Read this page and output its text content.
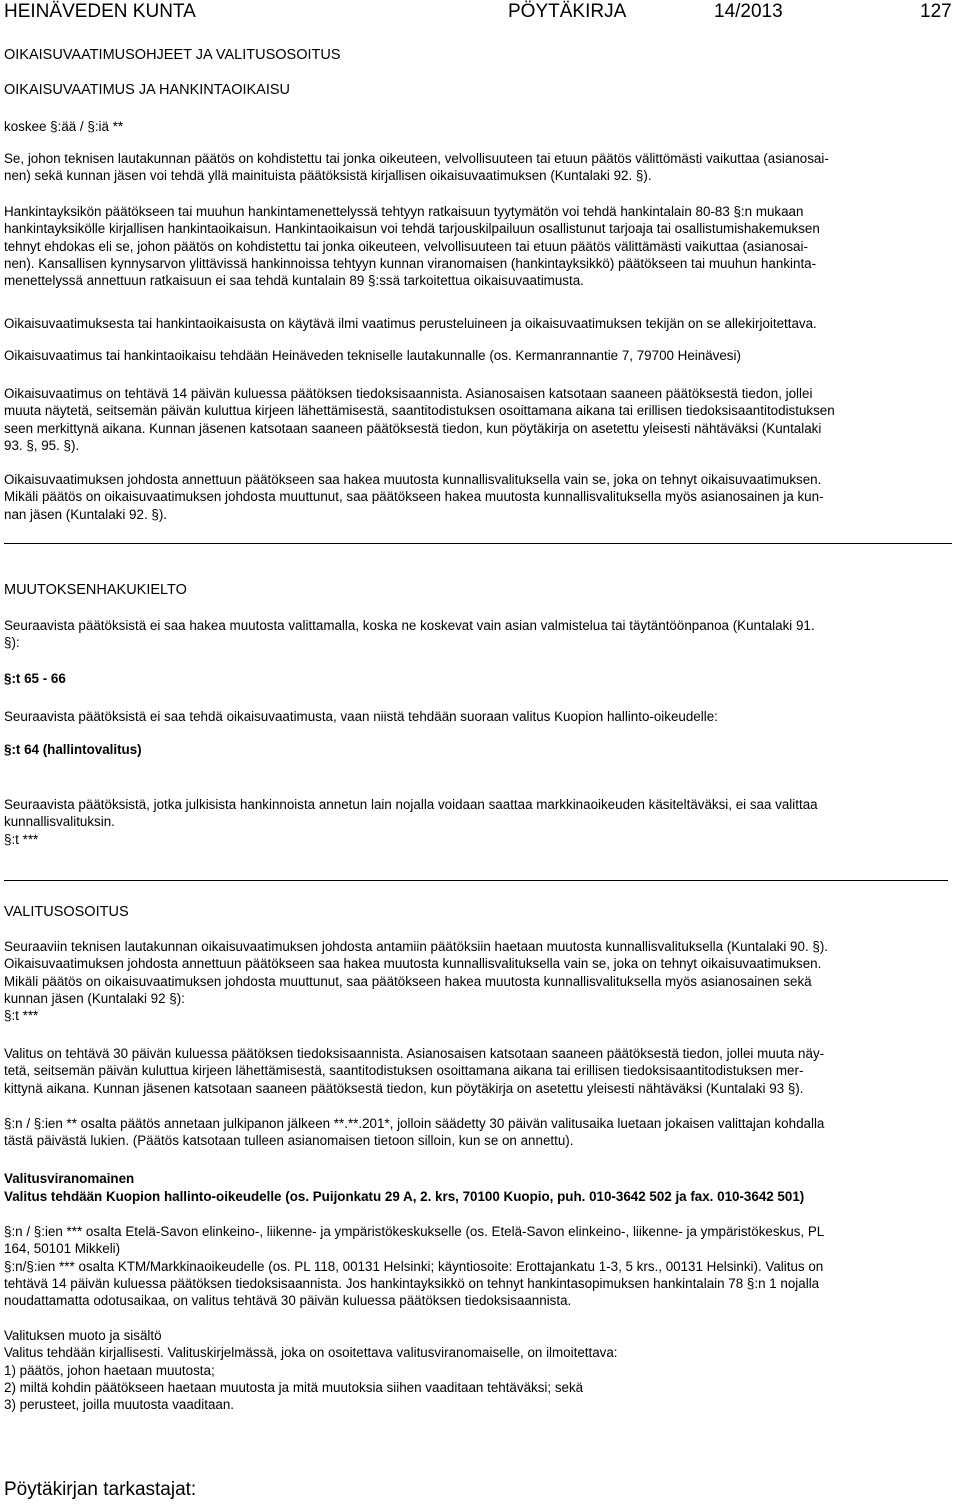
HEINÄVEDEN KUNTA	PÖYTÄKIRJA	14/2013	127
OIKAISUVAATIMUSOHJEET JA VALITUSOSOITUS
OIKAISUVAATIMUS JA HANKINTAOIKAISU
koskee §:ää / §:iä **
Se, johon teknisen lautakunnan päätös on kohdistettu tai jonka oikeuteen, velvollisuuteen tai etuun päätös välittömästi vaikuttaa (asianosai-
nen) sekä kunnan jäsen voi tehdä yllä mainituista päätöksistä kirjallisen oikaisuvaatimuksen (Kuntalaki 92. §).
Hankintayksikön päätökseen tai muuhun hankintamenettelyssä tehtyyn ratkaisuun tyytymätön voi tehdä hankintalain 80-83 §:n mukaan
hankintayksikölle kirjallisen hankintaoikaisun. Hankintaoikaisun voi tehdä tarjouskilpailuun osallistunut tarjoaja tai osallistumishakemuksen
tehnyt ehdokas eli se, johon päätös on kohdistettu tai jonka oikeuteen, velvollisuuteen tai etuun päätös välittämästi vaikuttaa (asianosai-
nen). Kansallisen kynnysarvon ylittävissä hankinnoissa tehtyyn kunnan viranomaisen (hankintayksikkö) päätökseen tai muuhun hankinta-
menettelyssä annettuun ratkaisuun ei saa tehdä kuntalain 89 §:ssä tarkoitettua oikaisuvaatimusta.
Oikaisuvaatimuksesta tai hankintaoikaisusta on käytävä ilmi vaatimus perusteluineen ja oikaisuvaatimuksen tekijän on se allekirjoitettava.
Oikaisuvaatimus tai hankintaoikaisu tehdään Heinäveden tekniselle lautakunnalle (os. Kermanrannantie 7, 79700 Heinävesi)
Oikaisuvaatimus on tehtävä 14 päivän kuluessa päätöksen tiedoksisaannista. Asianosaisen katsotaan saaneen päätöksestä tiedon, jollei
muuta näytetä, seitsemän päivän kuluttua kirjeen lähettämisestä, saantitodistuksen osoittamana aikana tai erillisen tiedoksisaantitodistuksen
seen merkittynä aikana. Kunnan jäsenen katsotaan saaneen päätöksestä tiedon, kun pöytäkirja on asetettu yleisesti nähtäväksi (Kuntalaki
93. §, 95. §).
Oikaisuvaatimuksen johdosta annettuun päätökseen saa hakea muutosta kunnallisvalituksella vain se, joka on tehnyt oikaisuvaatimuksen.
Mikäli päätös on oikaisuvaatimuksen johdosta muuttunut, saa päätökseen hakea muutosta kunnallisvalituksella myös asianosainen ja kun-
nan jäsen (Kuntalaki 92. §).
MUUTOKSENHAKUKIELTO
Seuraavista päätöksistä ei saa hakea muutosta valittamalla, koska ne koskevat vain asian valmistelua tai täytäntöönpanoa (Kuntalaki 91.
§):
§:t 65 - 66
Seuraavista päätöksistä ei saa tehdä oikaisuvaatimusta, vaan niistä tehdään suoraan valitus Kuopion hallinto-oikeudelle:
§:t 64 (hallintovalitus)
Seuraavista päätöksistä, jotka julkisista hankinnoista annetun lain nojalla voidaan saattaa markkinaoikeuden käsiteltäväksi, ei saa valittaa
kunnallisvalituksin.
§:t ***
VALITUSOSOITUS
Seuraaviin teknisen lautakunnan oikaisuvaatimuksen johdosta antamiin päätöksiin haetaan muutosta kunnallisvalituksella (Kuntalaki 90. §).
Oikaisuvaatimuksen johdosta annettuun päätökseen saa hakea muutosta kunnallisvalituksella vain se, joka on tehnyt oikaisuvaatimuksen.
Mikäli päätös on oikaisuvaatimuksen johdosta muuttunut, saa päätökseen hakea muutosta kunnallisvalituksella myös asianosainen sekä
kunnan jäsen (Kuntalaki 92 §):
§:t ***
Valitus on tehtävä 30 päivän kuluessa päätöksen tiedoksisaannista. Asianosaisen katsotaan saaneen päätöksestä tiedon, jollei muuta näy-
tetä, seitsemän päivän kuluttua kirjeen lähettämisestä, saantitodistuksen osoittamana aikana tai erillisen tiedoksisaantitodistuksen mer-
kittynä aikana. Kunnan jäsenen katsotaan saaneen päätöksestä tiedon, kun pöytäkirja on asetettu yleisesti nähtäväksi (Kuntalaki 93 §).
§:n / §:ien ** osalta päätös annetaan julkipanon jälkeen **.**.201*, jolloin säädetty 30 päivän valitusaika luetaan jokaisen valittajan kohdalla
tästä päivästä lukien. (Päätös katsotaan tulleen asianomaisen tietoon silloin, kun se on annettu).
Valitusviranomainen
Valitus tehdään Kuopion hallinto-oikeudelle (os. Puijonkatu 29 A, 2. krs, 70100 Kuopio, puh. 010-3642 502 ja fax. 010-3642 501)
§:n / §:ien *** osalta Etelä-Savon elinkeino-, liikenne- ja ympäristökeskukselle (os. Etelä-Savon elinkeino-, liikenne- ja ympäristökeskus, PL
164, 50101 Mikkeli)
§:n/§:ien *** osalta KTM/Markkinaoikeudelle (os. PL 118, 00131 Helsinki; käyntiosoite: Erottajankatu 1-3, 5 krs., 00131 Helsinki). Valitus on
tehtävä 14 päivän kuluessa päätöksen tiedoksisaannista. Jos hankintayksikkö on tehnyt hankintasopimuksen hankintalain 78 §:n 1 nojalla
noudattamatta odotusaikaa, on valitus tehtävä 30 päivän kuluessa päätöksen tiedoksisaannista.
Valituksen muoto ja sisältö
Valitus tehdään kirjallisesti. Valituskirjelmässä, joka on osoitettava valitusviranomaiselle, on ilmoitettava:
1) päätös, johon haetaan muutosta;
2) miltä kohdin päätökseen haetaan muutosta ja mitä muutoksia siihen vaaditaan tehtäväksi; sekä
3) perusteet, joilla muutosta vaaditaan.
Pöytäkirjan tarkastajat:
